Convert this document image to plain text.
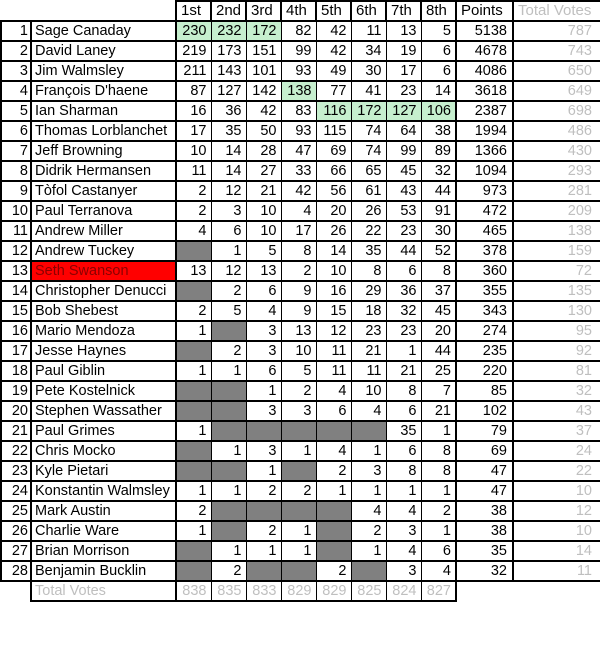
		1st	2nd	3rd	4th	5th	6th	7th	8th	Points	Total Votes
1	Sage Canaday	230	232	172	82	42	11	13	5	5138	787
2	David Laney	219	173	151	99	42	34	19	6	4678	743
3	Jim Walmsley	211	143	101	93	49	30	17	6	4086	650
4	François D'haene	87	127	142	138	77	41	23	14	3618	649
5	Ian Sharman	16	36	42	83	116	172	127	106	2387	698
6	Thomas Lorblanchet	17	35	50	93	115	74	64	38	1994	486
7	Jeff Browning	10	14	28	47	69	74	99	89	1366	430
8	Didrik Hermansen	11	14	27	33	66	65	45	32	1094	293
9	Tòfol Castanyer	2	12	21	42	56	61	43	44	973	281
10	Paul Terranova	2	3	10	4	20	26	53	91	472	209
11	Andrew Miller	4	6	10	17	26	22	23	30	465	138
12	Andrew Tuckey		1	5	8	14	35	44	52	378	159
13	Seth Swanson	13	12	13	2	10	8	6	8	360	72
14	Christopher Denucci		2	6	9	16	29	36	37	355	135
15	Bob Shebest	2	5	4	9	15	18	32	45	343	130
16	Mario Mendoza	1		3	13	12	23	23	20	274	95
17	Jesse Haynes		2	3	10	11	21	1	44	235	92
18	Paul Giblin	1	1	6	5	11	11	21	25	220	81
19	Pete Kostelnick			1	2	4	10	8	7	85	32
20	Stephen Wassather			3	3	6	4	6	21	102	43
21	Paul Grimes	1						35	1	79	37
22	Chris Mocko		1	3	1	4	1	6	8	69	24
23	Kyle Pietari			1		2	3	8	8	47	22
24	Konstantin Walmsley	1	1	2	2	1	1	1	1	47	10
25	Mark Austin	2					4	4	2	38	12
26	Charlie Ware	1		2	1		2	3	1	38	10
27	Brian Morrison		1	1	1		1	4	6	35	14
28	Benjamin Bucklin		2			2		3	4	32	11
	Total Votes	838	835	833	829	829	825	824	827		
